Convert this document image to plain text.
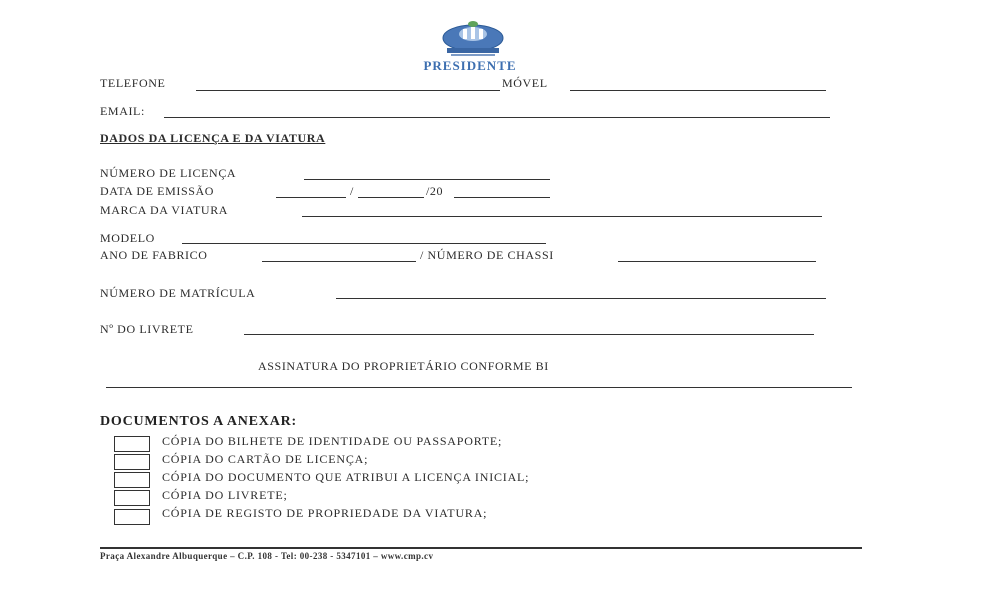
PRESIDENTE
TELEFONE	MÓVEL
EMAIL:
DADOS DA LICENÇA E DA VIATURA
NÚMERO DE LICENÇA
DATA DE EMISSÃO	/	/20
MARCA DA VIATURA
MODELO
ANO DE FABRICO	/ NÚMERO DE CHASSI
NÚMERO DE MATRÍCULA
Nº DO LIVRETE
ASSINATURA DO PROPRIETÁRIO CONFORME BI
DOCUMENTOS A ANEXAR:
CÓPIA DO BILHETE DE IDENTIDADE OU PASSAPORTE;
CÓPIA DO CARTÃO DE LICENÇA;
CÓPIA DO DOCUMENTO QUE ATRIBUI A LICENÇA INICIAL;
CÓPIA DO LIVRETE;
CÓPIA DE REGISTO DE PROPRIEDADE DA VIATURA;
Praça Alexandre Albuquerque – C.P. 108 - Tel: 00-238 - 5347101 – www.cmp.cv
